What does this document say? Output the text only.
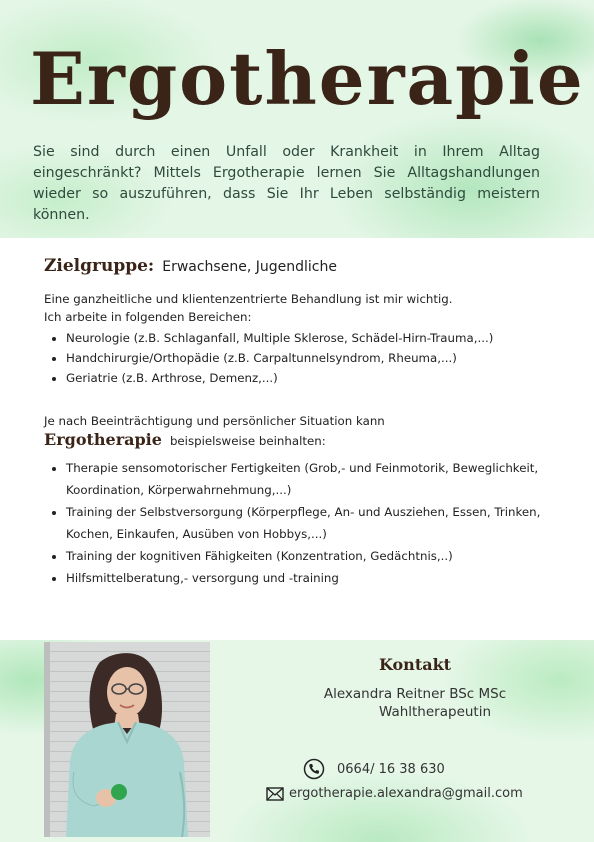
Ergotherapie

Sie sind durch einen Unfall oder Krankheit in Ihrem Alltag eingeschränkt? Mittels Ergotherapie lernen Sie Alltagshandlungen wieder so auszuführen, dass Sie Ihr Leben selbständig meistern können.

Zielgruppe: Erwachsene, Jugendliche

Eine ganzheitliche und klientenzentrierte Behandlung ist mir wichtig.

Ich arbeite in folgenden Bereichen:

• Neurologie (z.B. Schlaganfall, Multiple Sklerose, Schädel-Hirn-Trauma,...)
• Handchirurgie/Orthopädie (z.B. Carpaltunnelsyndrom, Rheuma,...)
• Geriatrie (z.B. Arthrose, Demenz,...)

Je nach Beeinträchtigung und persönlicher Situation kann

Ergotherapie beispielsweise beinhalten:
• Therapie sensomotorischer Fertigkeiten (Grob,- und Feinmotorik, Beweglichkeit, Koordination, Körperwahrnehmung,...)
• Training der Selbstversorgung (Körperpflege, An- und Ausziehen, Essen, Trinken, Kochen, Einkaufen, Ausüben von Hobbys,...)
• Training der kognitiven Fähigkeiten (Konzentration, Gedächtnis,..)
• Hilfsmittelberatung,- versorgung und -training

Kontakt

Alexandra Reitner BSc MSc

Wahltherapeutin

0664/ 16 38 630
ergotherapie.alexandra@gmail.com
